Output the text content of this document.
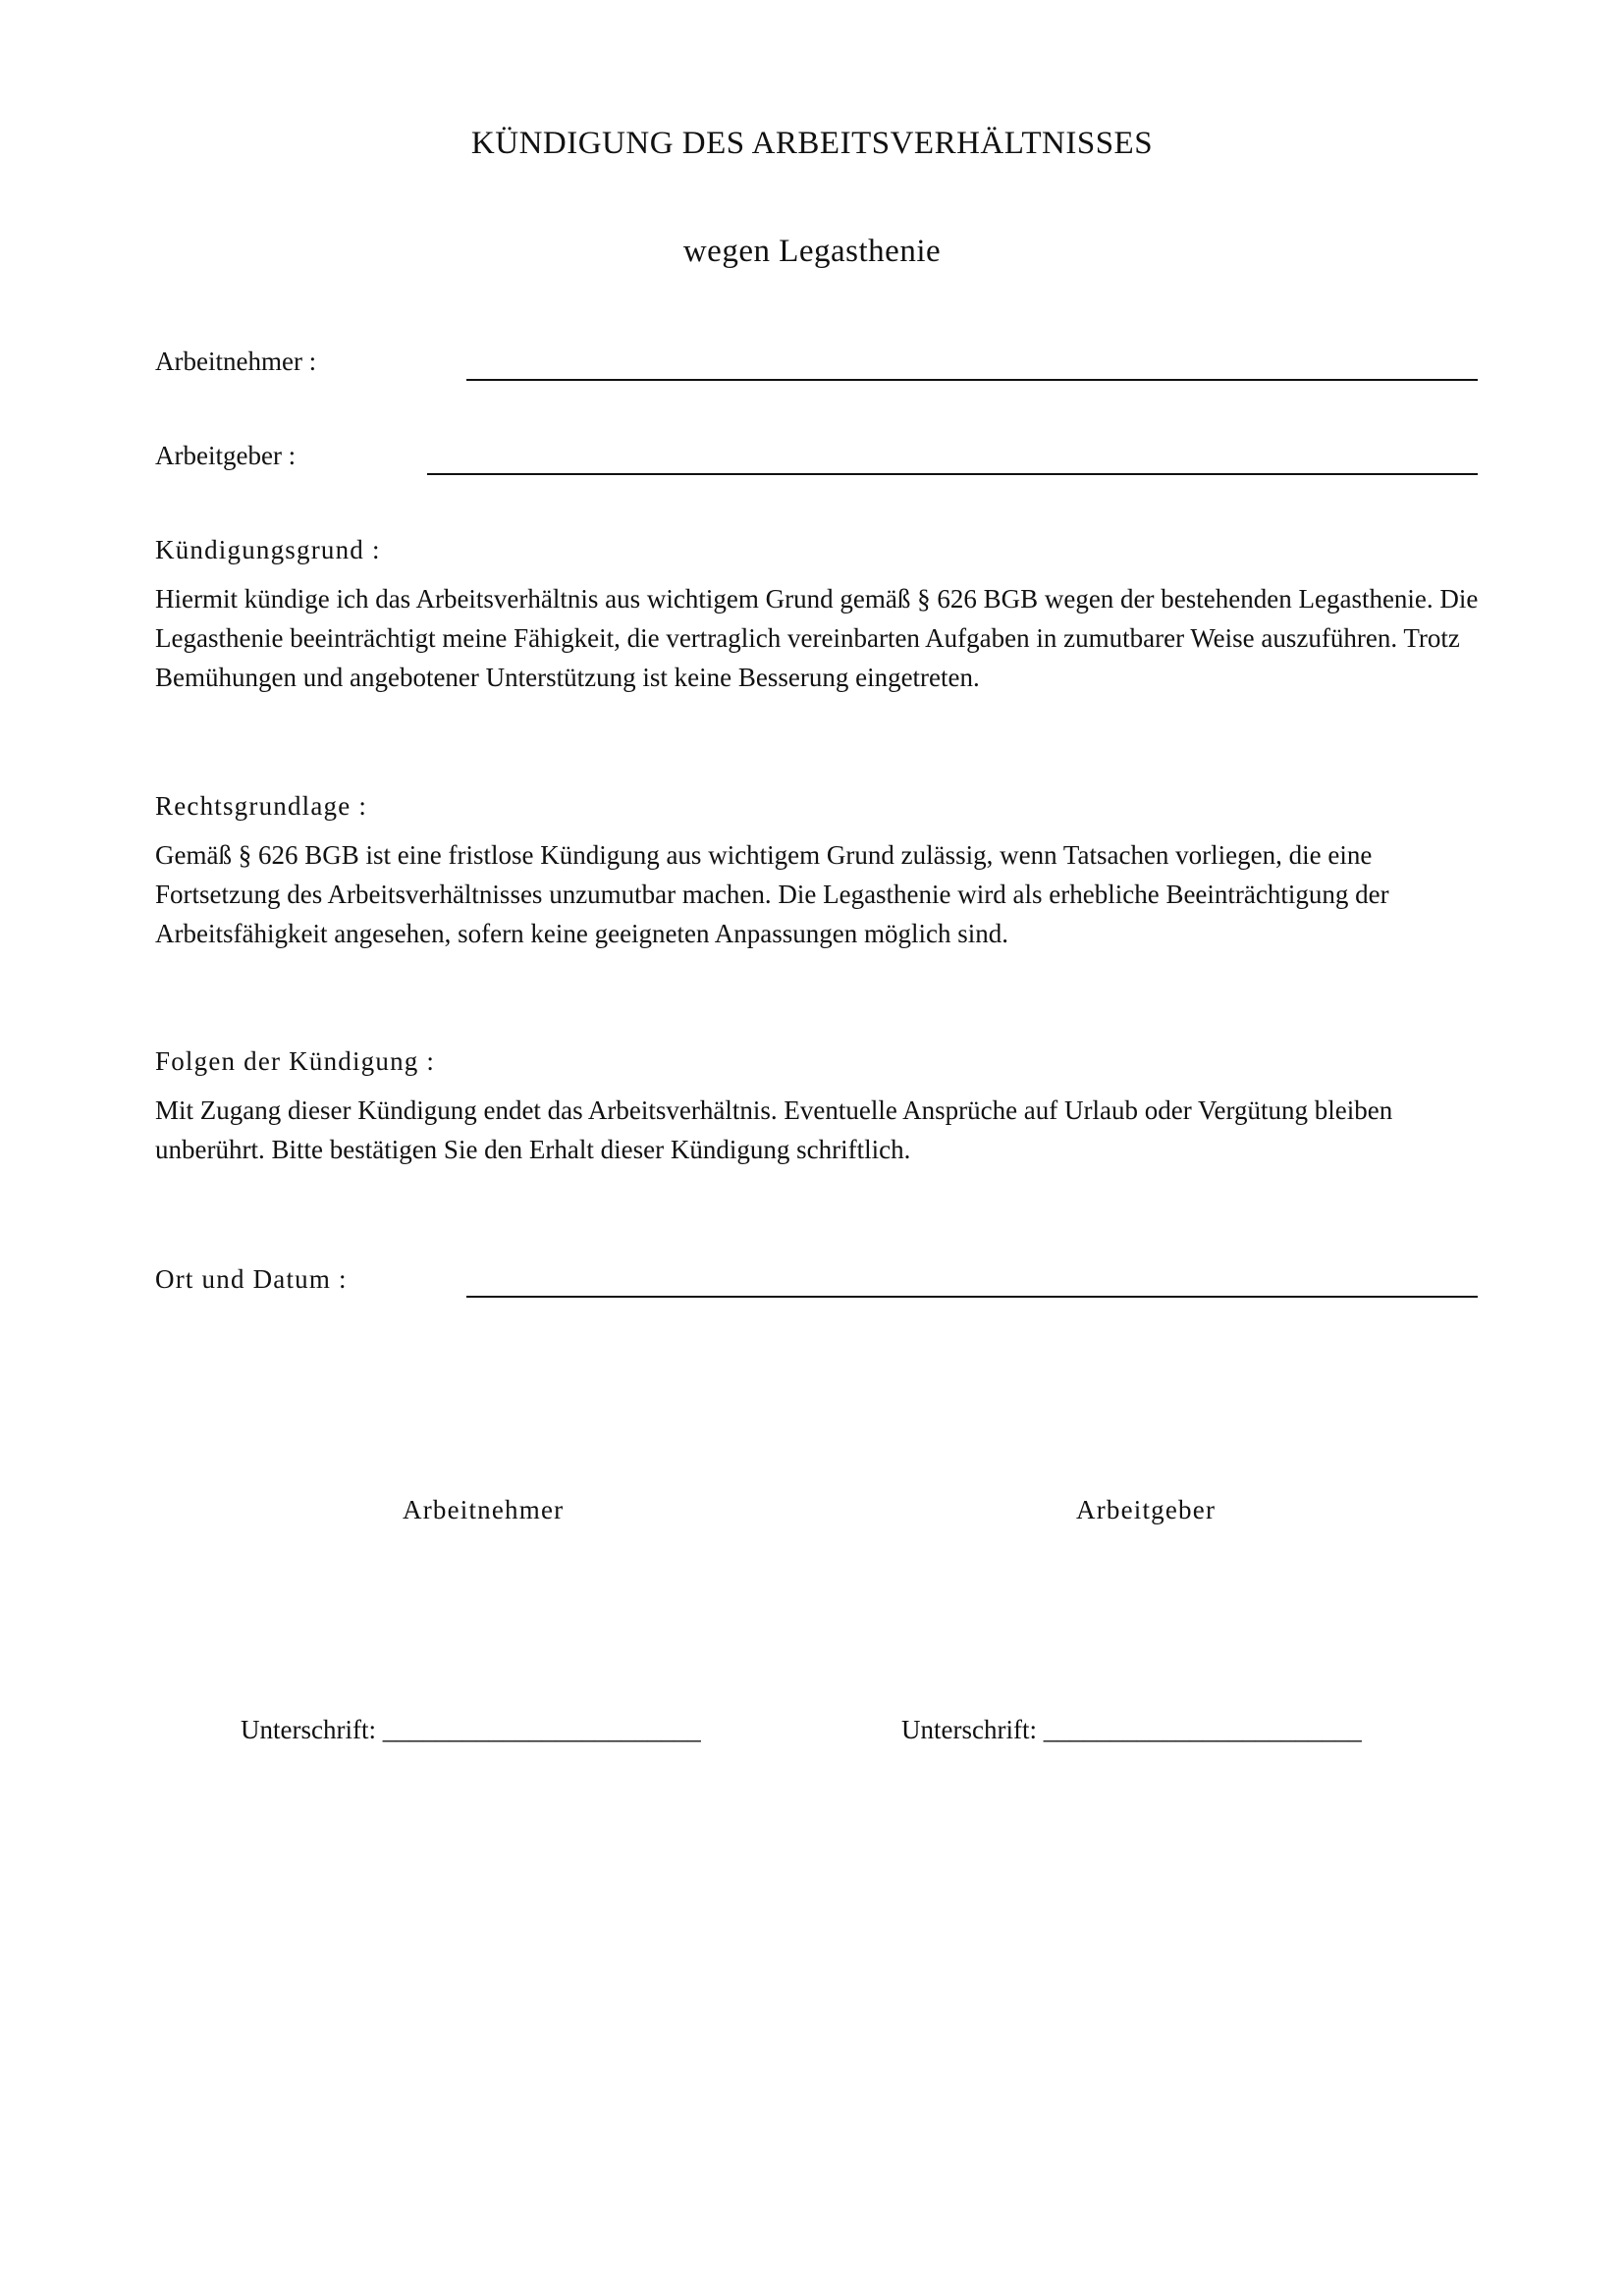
KÜNDIGUNG DES ARBEITSVERHÄLTNISSES
wegen Legasthenie
Arbeitnehmer :
Arbeitgeber :
Kündigungsgrund :
Hiermit kündige ich das Arbeitsverhältnis aus wichtigem Grund gemäß § 626 BGB wegen der bestehenden Legasthenie. Die Legasthenie beeinträchtigt meine Fähigkeit, die vertraglich vereinbarten Aufgaben in zumutbarer Weise auszuführen. Trotz Bemühungen und angebotener Unterstützung ist keine Besserung eingetreten.
Rechtsgrundlage :
Gemäß § 626 BGB ist eine fristlose Kündigung aus wichtigem Grund zulässig, wenn Tatsachen vorliegen, die eine Fortsetzung des Arbeitsverhältnisses unzumutbar machen. Die Legasthenie wird als erhebliche Beeinträchtigung der Arbeitsfähigkeit angesehen, sofern keine geeigneten Anpassungen möglich sind.
Folgen der Kündigung :
Mit Zugang dieser Kündigung endet das Arbeitsverhältnis. Eventuelle Ansprüche auf Urlaub oder Vergütung bleiben unberührt. Bitte bestätigen Sie den Erhalt dieser Kündigung schriftlich.
Ort und Datum :
Arbeitnehmer	Arbeitgeber
Unterschrift: ________________________	Unterschrift: ________________________
